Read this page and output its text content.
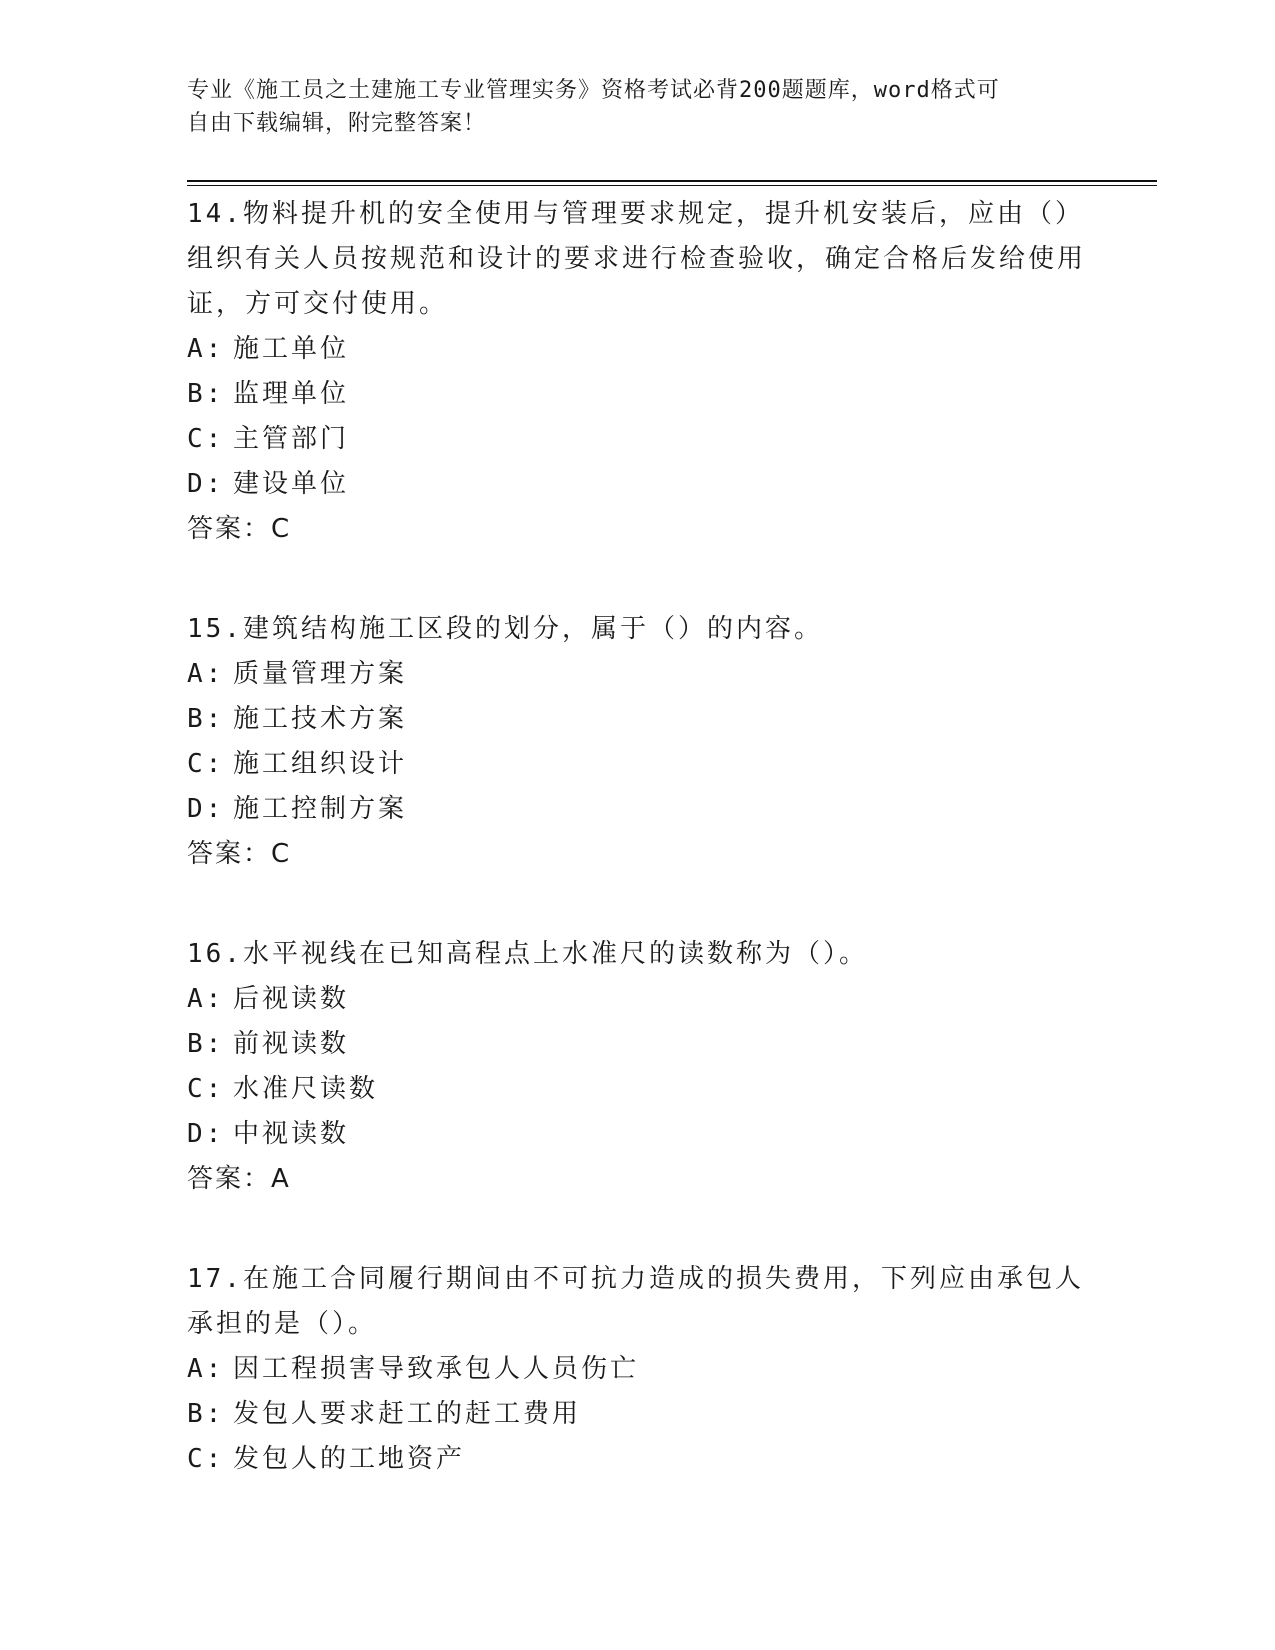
专业《施工员之土建施工专业管理实务》资格考试必背200题题库，word格式可
自由下载编辑，附完整答案！
14.物料提升机的安全使用与管理要求规定，提升机安装后，应由（）组织有关人员按规范和设计的要求进行检查验收，确定合格后发给使用证，方可交付使用。
A: 施工单位
B: 监理单位
C: 主管部门
D: 建设单位
答案：C
15.建筑结构施工区段的划分，属于（）的内容。
A: 质量管理方案
B: 施工技术方案
C: 施工组织设计
D: 施工控制方案
答案：C
16.水平视线在已知高程点上水准尺的读数称为（）。
A: 后视读数
B: 前视读数
C: 水准尺读数
D: 中视读数
答案：A
17.在施工合同履行期间由不可抗力造成的损失费用，下列应由承包人承担的是（）。
A: 因工程损害导致承包人人员伤亡
B: 发包人要求赶工的赶工费用
C: 发包人的工地资产
